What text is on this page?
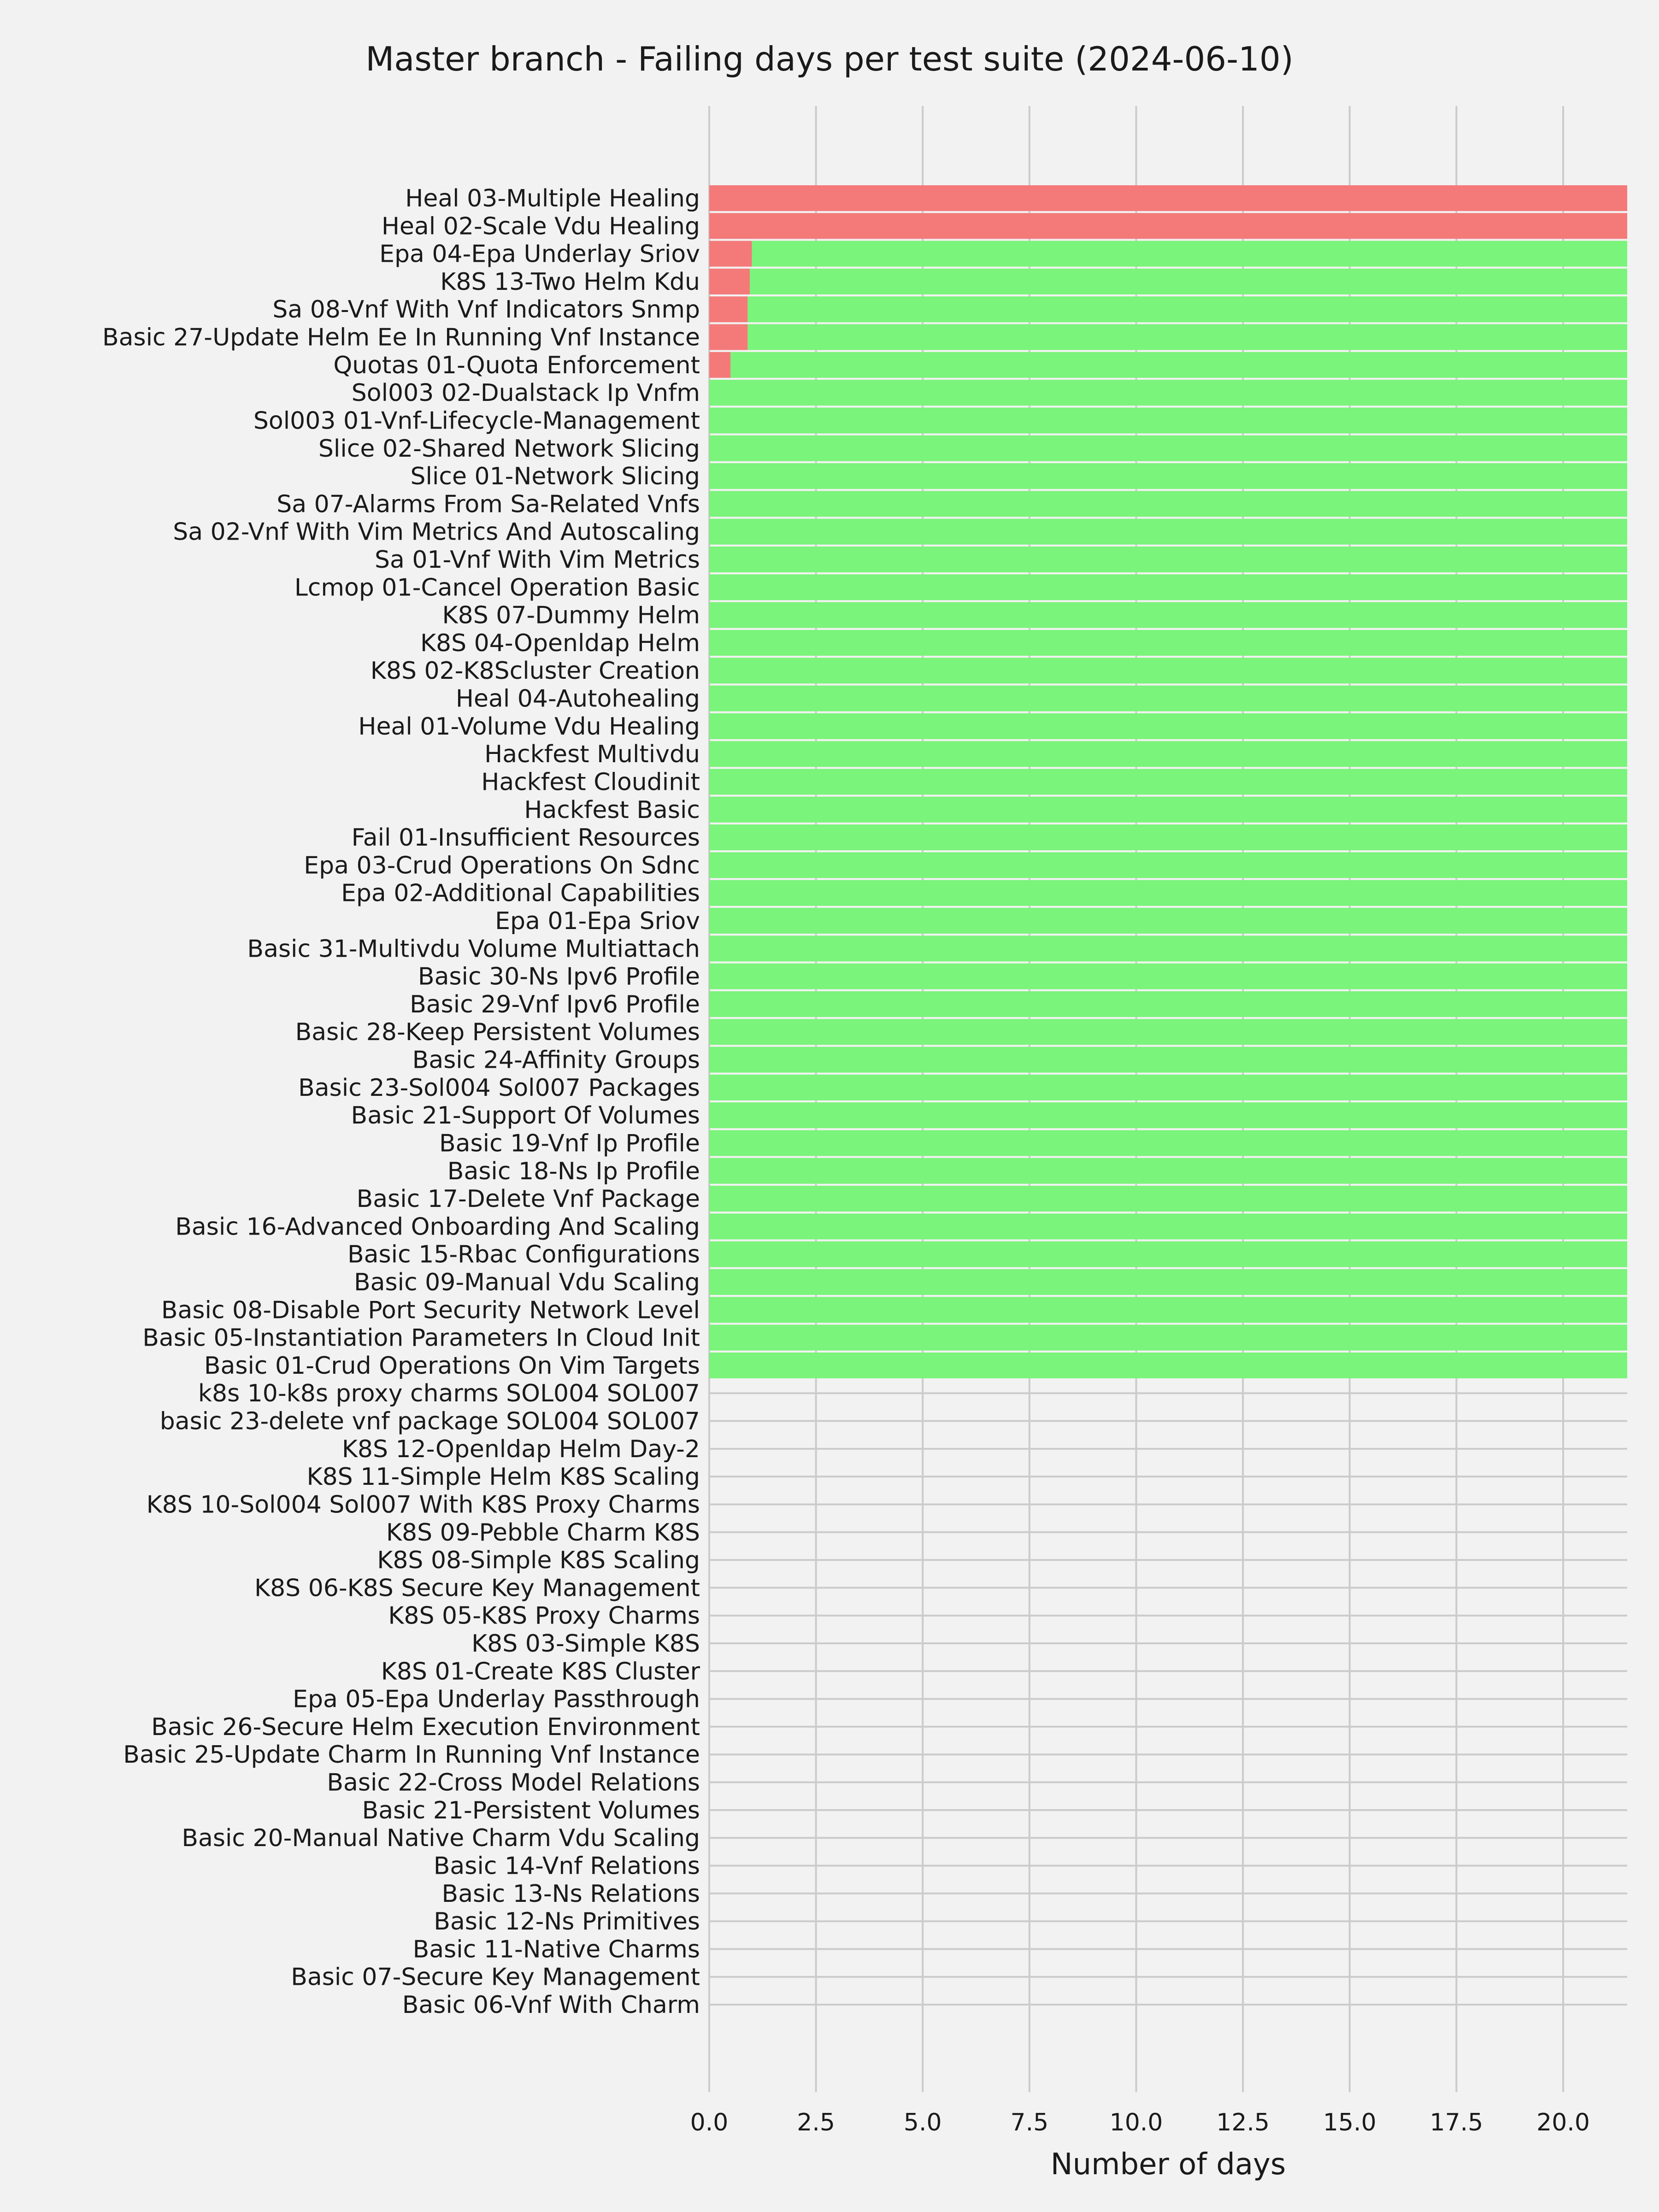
Heal 03-Multiple Healing
Heal 02-Scale Vdu Healing
Epa 04-Epa Underlay Sriov
K8S 13-Two Helm Kdu
Sa 08-Vnf With Vnf Indicators Snmp
Basic 27-Update Helm Ee In Running Vnf Instance
Quotas 01-Quota Enforcement
Sol003 02-Dualstack Ip Vnfm
Sol003 01-Vnf-Lifecycle-Management
Slice 02-Shared Network Slicing
Slice 01-Network Slicing
Sa 07-Alarms From Sa-Related Vnfs
Sa 02-Vnf With Vim Metrics And Autoscaling
Sa 01-Vnf With Vim Metrics
Lcmop 01-Cancel Operation Basic
K8S 07-Dummy Helm
K8S 04-Openldap Helm
K8S 02-K8Scluster Creation
Heal 04-Autohealing
Heal 01-Volume Vdu Healing
Hackfest Multivdu
Hackfest Cloudinit
Hackfest Basic
Fail 01-Insufficient Resources
Epa 03-Crud Operations On Sdnc
Epa 02-Additional Capabilities
Epa 01-Epa Sriov
Basic 31-Multivdu Volume Multiattach
Basic 30-Ns Ipv6 Profile
Basic 29-Vnf Ipv6 Profile
Basic 28-Keep Persistent Volumes
Basic 24-Affinity Groups
Basic 23-Sol004 Sol007 Packages
Basic 21-Support Of Volumes
Basic 19-Vnf Ip Profile
Basic 18-Ns Ip Profile
Basic 17-Delete Vnf Package
Basic 16-Advanced Onboarding And Scaling
Basic 15-Rbac Configurations
Basic 09-Manual Vdu Scaling
Basic 08-Disable Port Security Network Level
Basic 05-Instantiation Parameters In Cloud Init
Basic 01-Crud Operations On Vim Targets
k8s 10-k8s proxy charms SOL004 SOL007
basic 23-delete vnf package SOL004 SOL007
K8S 12-Openldap Helm Day-2
K8S 11-Simple Helm K8S Scaling
K8S 10-Sol004 Sol007 With K8S Proxy Charms
K8S 09-Pebble Charm K8S
K8S 08-Simple K8S Scaling
K8S 06-K8S Secure Key Management
K8S 05-K8S Proxy Charms
K8S 03-Simple K8S
K8S 01-Create K8S Cluster
Epa 05-Epa Underlay Passthrough
Basic 26-Secure Helm Execution Environment
Basic 25-Update Charm In Running Vnf Instance
Basic 22-Cross Model Relations
Basic 21-Persistent Volumes
Basic 20-Manual Native Charm Vdu Scaling
Basic 14-Vnf Relations
Basic 13-Ns Relations
Basic 12-Ns Primitives
Basic 11-Native Charms
Basic 07-Secure Key Management
Basic 06-Vnf With Charm
0.0	2.5	5.0	7.5	10.0 12.5 15.0 17.5 20.0
Master branch - Failing days per test suite (2024-06-10)
Number of days
